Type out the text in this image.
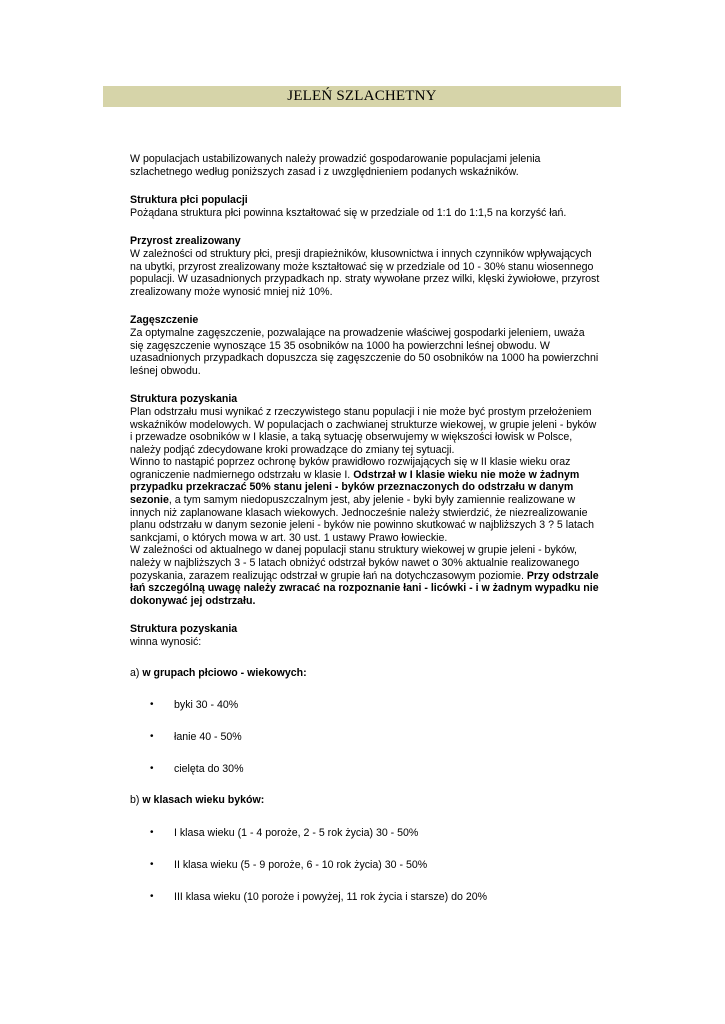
JELEŃ SZLACHETNY

W populacjach ustabilizowanych należy prowadzić gospodarowanie populacjami jelenia szlachetnego według poniższych zasad i z uwzględnieniem podanych wskaźników.

Struktura płci populacji

Pożądana struktura płci powinna kształtować się w przedziale od 1:1 do 1:1,5 na korzyść łań.

Przyrost zrealizowany

W zależności od struktury płci, presji drapieżników, kłusownictwa i innych czynników wpływających na ubytki, przyrost zrealizowany może kształtować się w przedziale od 10 - 30% stanu wiosennego populacji. W uzasadnionych przypadkach np. straty wywołane przez wilki, klęski żywiołowe, przyrost zrealizowany może wynosić mniej niż 10%.

Zagęszczenie

Za optymalne zagęszczenie, pozwalające na prowadzenie właściwej gospodarki jeleniem, uważa się zagęszczenie wynoszące 15 35 osobników na 1000 ha powierzchni leśnej obwodu. W uzasadnionych przypadkach dopuszcza się zagęszczenie do 50 osobników na 1000 ha powierzchni leśnej obwodu.

Struktura pozyskania

Plan odstrzału musi wynikać z rzeczywistego stanu populacji i nie może być prostym przełożeniem wskaźników modelowych. W populacjach o zachwianej strukturze wiekowej, w grupie jeleni - byków i przewadze osobników w I klasie, a taką sytuację obserwujemy w większości łowisk w Polsce, należy podjąć zdecydowane kroki prowadzące do zmiany tej sytuacji.

Winno to nastąpić poprzez ochronę byków prawidłowo rozwijających się w II klasie wieku oraz ograniczenie nadmiernego odstrzału w klasie I. Odstrzał w I klasie wieku nie może w żadnym przypadku przekraczać 50% stanu jeleni - byków przeznaczonych do odstrzału w danym sezonie, a tym samym niedopuszczalnym jest, aby jelenie - byki były zamiennie realizowane w innych niż zaplanowane klasach wiekowych. Jednocześnie należy stwierdzić, że niezrealizowanie planu odstrzału w danym sezonie jeleni - byków nie powinno skutkować w najbliższych 3 ? 5 latach sankcjami, o których mowa w art. 30 ust. 1 ustawy Prawo łowieckie.

W zależności od aktualnego w danej populacji stanu struktury wiekowej w grupie jeleni - byków, należy w najbliższych 3 - 5 latach obniżyć odstrzał byków nawet o 30% aktualnie realizowanego pozyskania, zarazem realizując odstrzał w grupie łań na dotychczasowym poziomie. Przy odstrzale łań szczególną uwagę należy zwracać na rozpoznanie łani - licówki - i w żadnym wypadku nie dokonywać jej odstrzału.

Struktura pozyskania

winna wynosić:

a) w grupach płciowo - wiekowych:

• byki 30 - 40%
• łanie 40 - 50%
• cielęta do 30%

b) w klasach wieku byków:

• I klasa wieku (1 - 4 poroże, 2 - 5 rok życia) 30 - 50%
• II klasa wieku (5 - 9 poroże, 6 - 10 rok życia) 30 - 50%
• III klasa wieku (10 poroże i powyżej, 11 rok życia i starsze) do 20%
